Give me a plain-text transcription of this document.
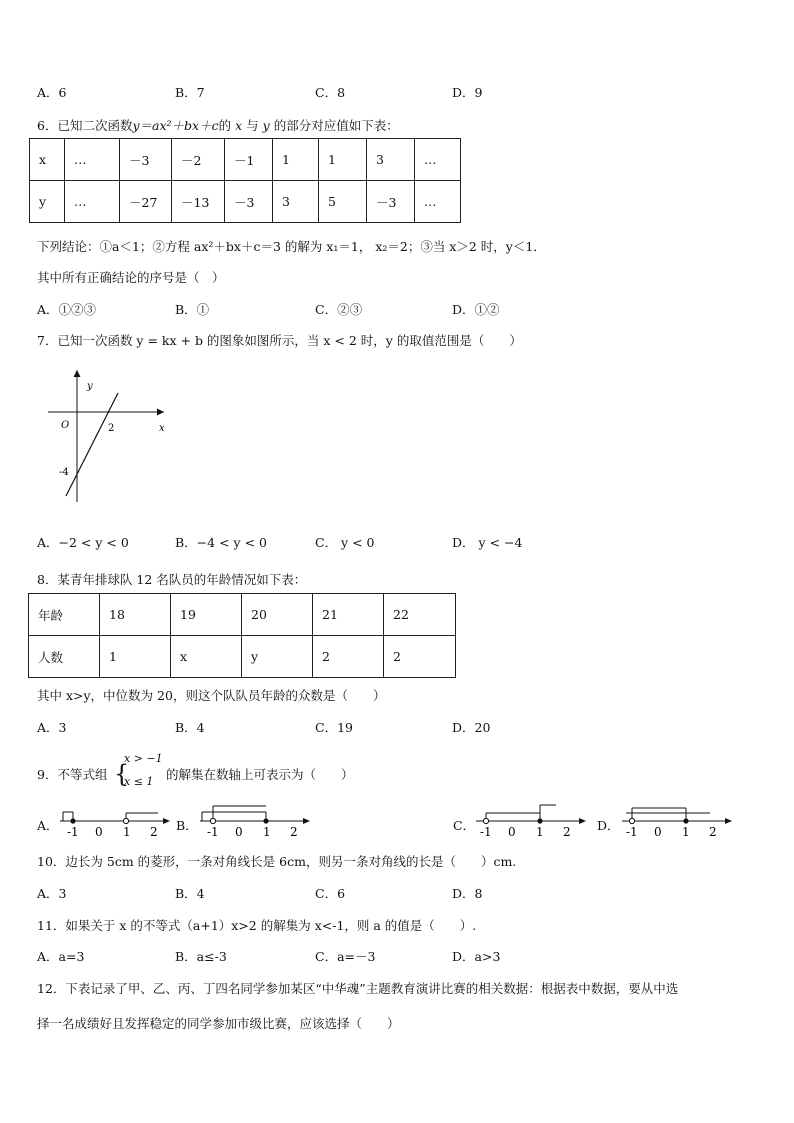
A．6	B．7	C．8	D．9
6．已知二次函数y＝ax²＋bx＋c的 x 与 y 的部分对应值如下表：
x	…	－3	－2	－1	1	1	3	…
y	…	－27	－13	－3	3	5	－3	…
下列结论：①a＜1；②方程 ax²＋bx＋c＝3 的解为 x₁＝1， x₂＝2；③当 x＞2 时，y＜1．
其中所有正确结论的序号是（　）
A．①②③	B．①	C．②③	D．①②
7．已知一次函数 y = kx + b 的图象如图所示，当 x < 2 时，y 的取值范围是（　　）
y
x
O	2
-4
A．−2 < y < 0	B．−4 < y < 0	C． y < 0	D． y < −4
8．某青年排球队 12 名队员的年龄情况如下表：
年龄	18	19	20	21	22
人数	1	x	y	2	2
其中 x>y，中位数为 20，则这个队队员年龄的众数是（　　）
A．3	B．4	C．19	D．20
9．不等式组 {
x > −1
x ≤ 1 的解集在数轴上可表示为（　　）
A． -1 0 1 2 B． -1 0 1 2	C． -1 0 1 2 D． -1 0 1 2
10．边长为 5cm 的菱形，一条对角线长是 6cm，则另一条对角线的长是（　　）cm.
A．3	B．4	C．6	D．8
11．如果关于 x 的不等式（a+1）x>2 的解集为 x<-1，则 a 的值是（　　）.
A．a=3	B．a≤-3	C．a=－3	D．a>3
12．下表记录了甲、乙、丙、丁四名同学参加某区“中华魂”主题教育演讲比赛的相关数据：根据表中数据，要从中选
择一名成绩好且发挥稳定的同学参加市级比赛，应该选择（　　）
